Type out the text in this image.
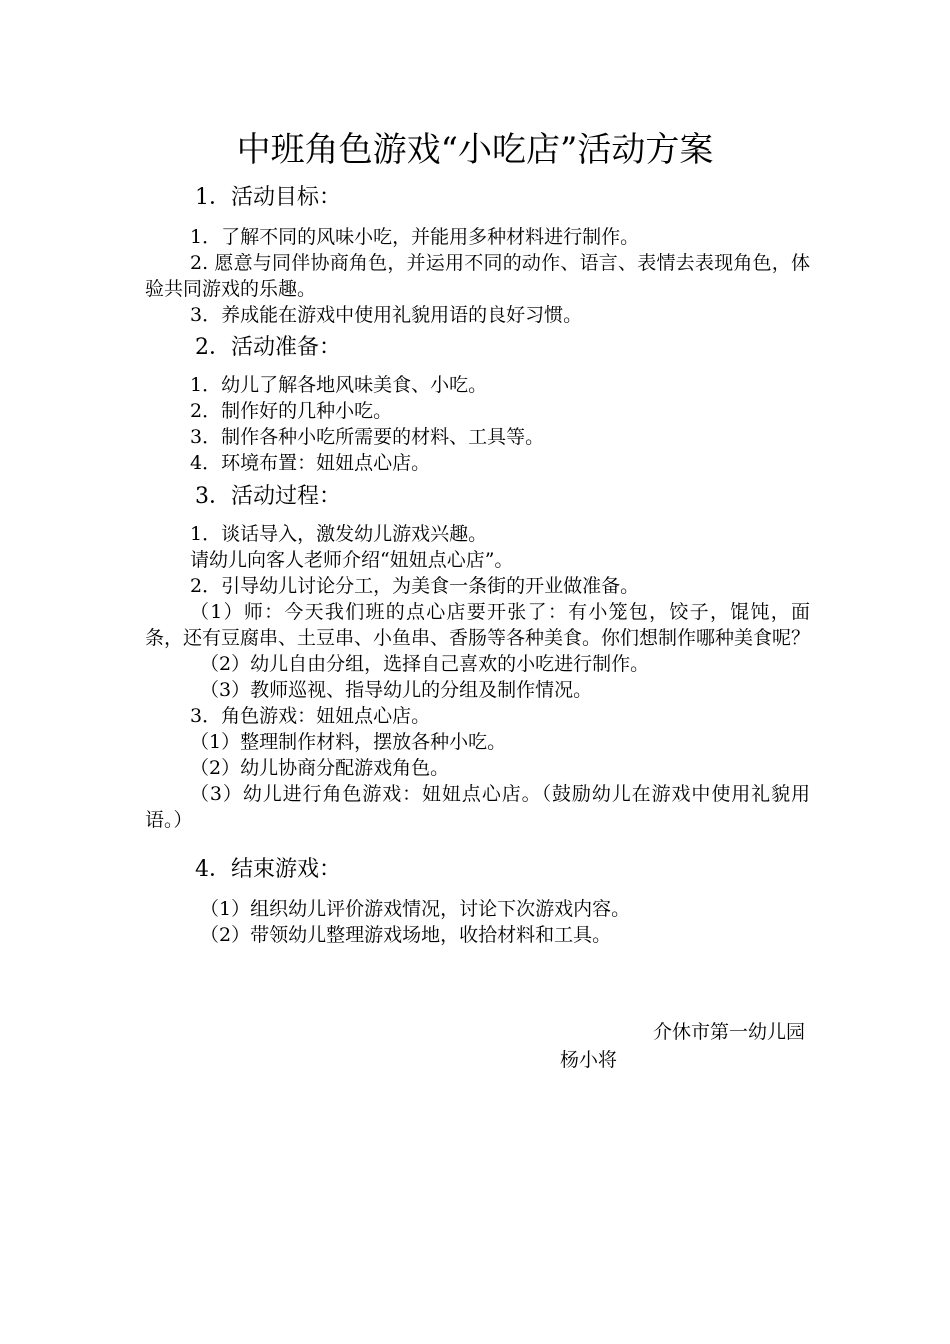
中班角色游戏“小吃店”活动方案

1．活动目标：

1．了解不同的风味小吃，并能用多种材料进行制作。

2. 愿意与同伴协商角色，并运用不同的动作、语言、表情去表现角色，体验共同游戏的乐趣。

3．养成能在游戏中使用礼貌用语的良好习惯。

2．活动准备：

1．幼儿了解各地风味美食、小吃。

2．制作好的几种小吃。

3．制作各种小吃所需要的材料、工具等。

4．环境布置：妞妞点心店。

3．活动过程：

1．谈话导入，激发幼儿游戏兴趣。

请幼儿向客人老师介绍“妞妞点心店”。

2．引导幼儿讨论分工，为美食一条街的开业做准备。

（1）师：今天我们班的点心店要开张了：有小笼包，饺子，馄饨，面条，还有豆腐串、土豆串、小鱼串、香肠等各种美食。你们想制作哪种美食呢？

（2）幼儿自由分组，选择自己喜欢的小吃进行制作。

（3）教师巡视、指导幼儿的分组及制作情况。

3．角色游戏：妞妞点心店。

（1）整理制作材料，摆放各种小吃。

（2）幼儿协商分配游戏角色。

（3）幼儿进行角色游戏：妞妞点心店。（鼓励幼儿在游戏中使用礼貌用语。）

4．结束游戏：

（1）组织幼儿评价游戏情况，讨论下次游戏内容。

（2）带领幼儿整理游戏场地，收拾材料和工具。

介休市第一幼儿园
杨小将
